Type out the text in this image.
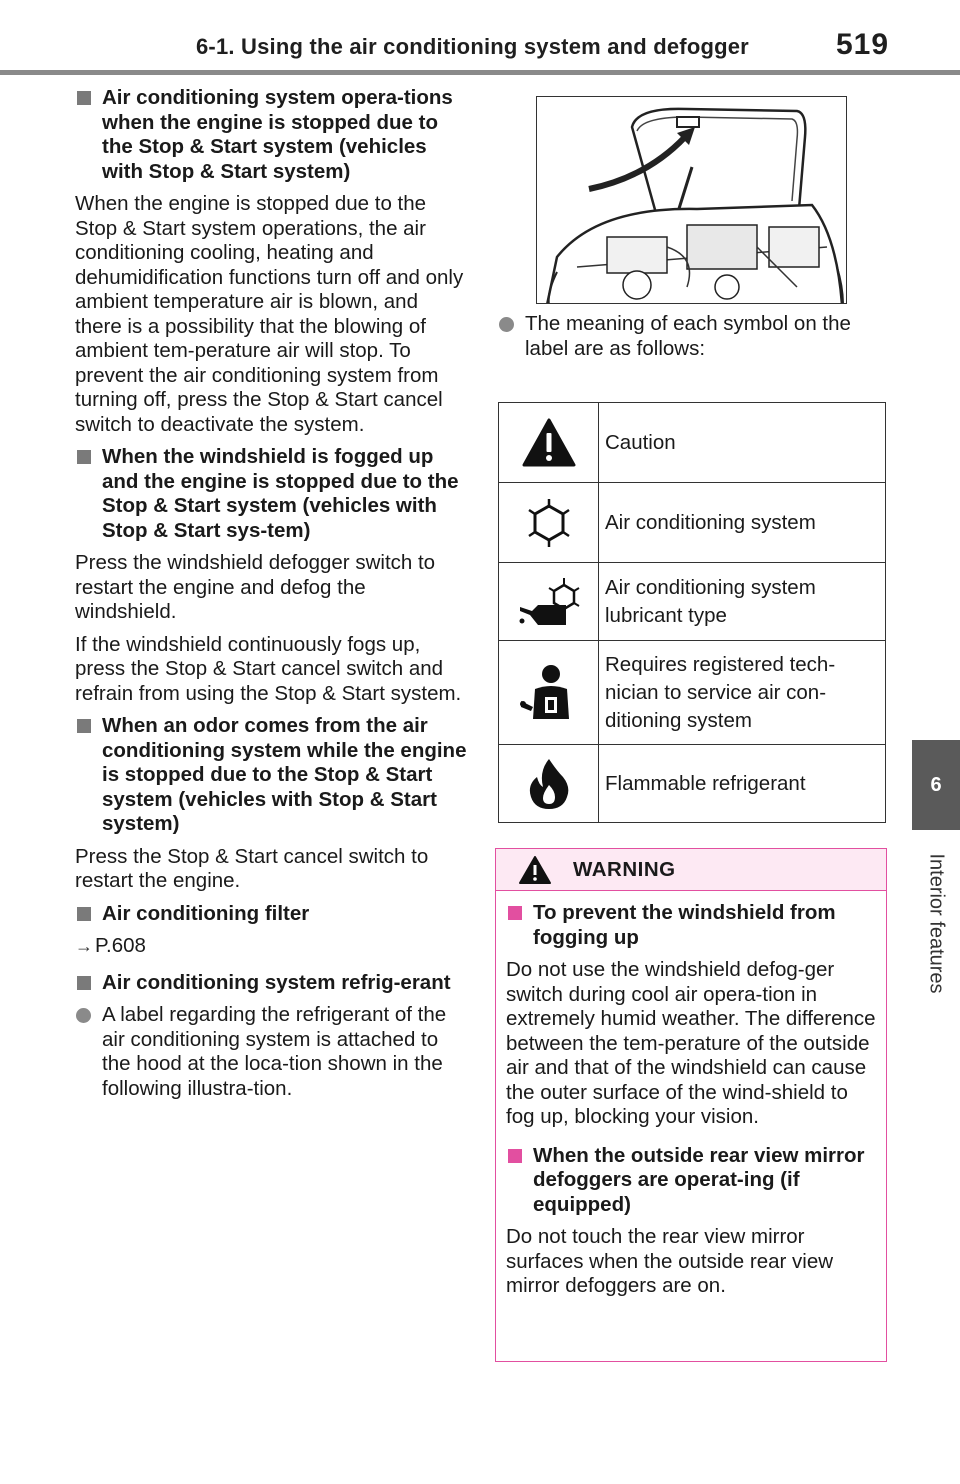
6-1. Using the air conditioning system and defogger	519
6
Interior features
Air conditioning system opera-tions when the engine is stopped due to the Stop & Start system (vehicles with Stop & Start system)
When the engine is stopped due to the Stop & Start system operations, the air conditioning cooling, heating and dehumidification functions turn off and only ambient temperature air is blown, and there is a possibility that the blowing of ambient tem-perature air will stop. To prevent the air conditioning system from turning off, press the Stop & Start cancel switch to deactivate the system.
When the windshield is fogged up and the engine is stopped due to the Stop & Start system (vehicles with Stop & Start sys-tem)
Press the windshield defogger switch to restart the engine and defog the windshield.
If the windshield continuously fogs up, press the Stop & Start cancel switch and refrain from using the Stop & Start system.
When an odor comes from the air conditioning system while the engine is stopped due to the Stop & Start system (vehicles with Stop & Start system)
Press the Stop & Start cancel switch to restart the engine.
Air conditioning filter
→P.608
Air conditioning system refrig-erant
A label regarding the refrigerant of the air conditioning system is attached to the hood at the loca-tion shown in the following illustra-tion.
The meaning of each symbol on the label are as follows:
	Caution

	Air conditioning system

	Air conditioning system lubricant type

	Requires registered tech-nician to service air con-ditioning system

	Flammable refrigerant
WARNING
To prevent the windshield from fogging up
Do not use the windshield defog-ger switch during cool air opera-tion in extremely humid weather. The difference between the tem-perature of the outside air and that of the windshield can cause the outer surface of the wind-shield to fog up, blocking your vision.
When the outside rear view mirror defoggers are operat-ing (if equipped)
Do not touch the rear view mirror surfaces when the outside rear view mirror defoggers are on.
